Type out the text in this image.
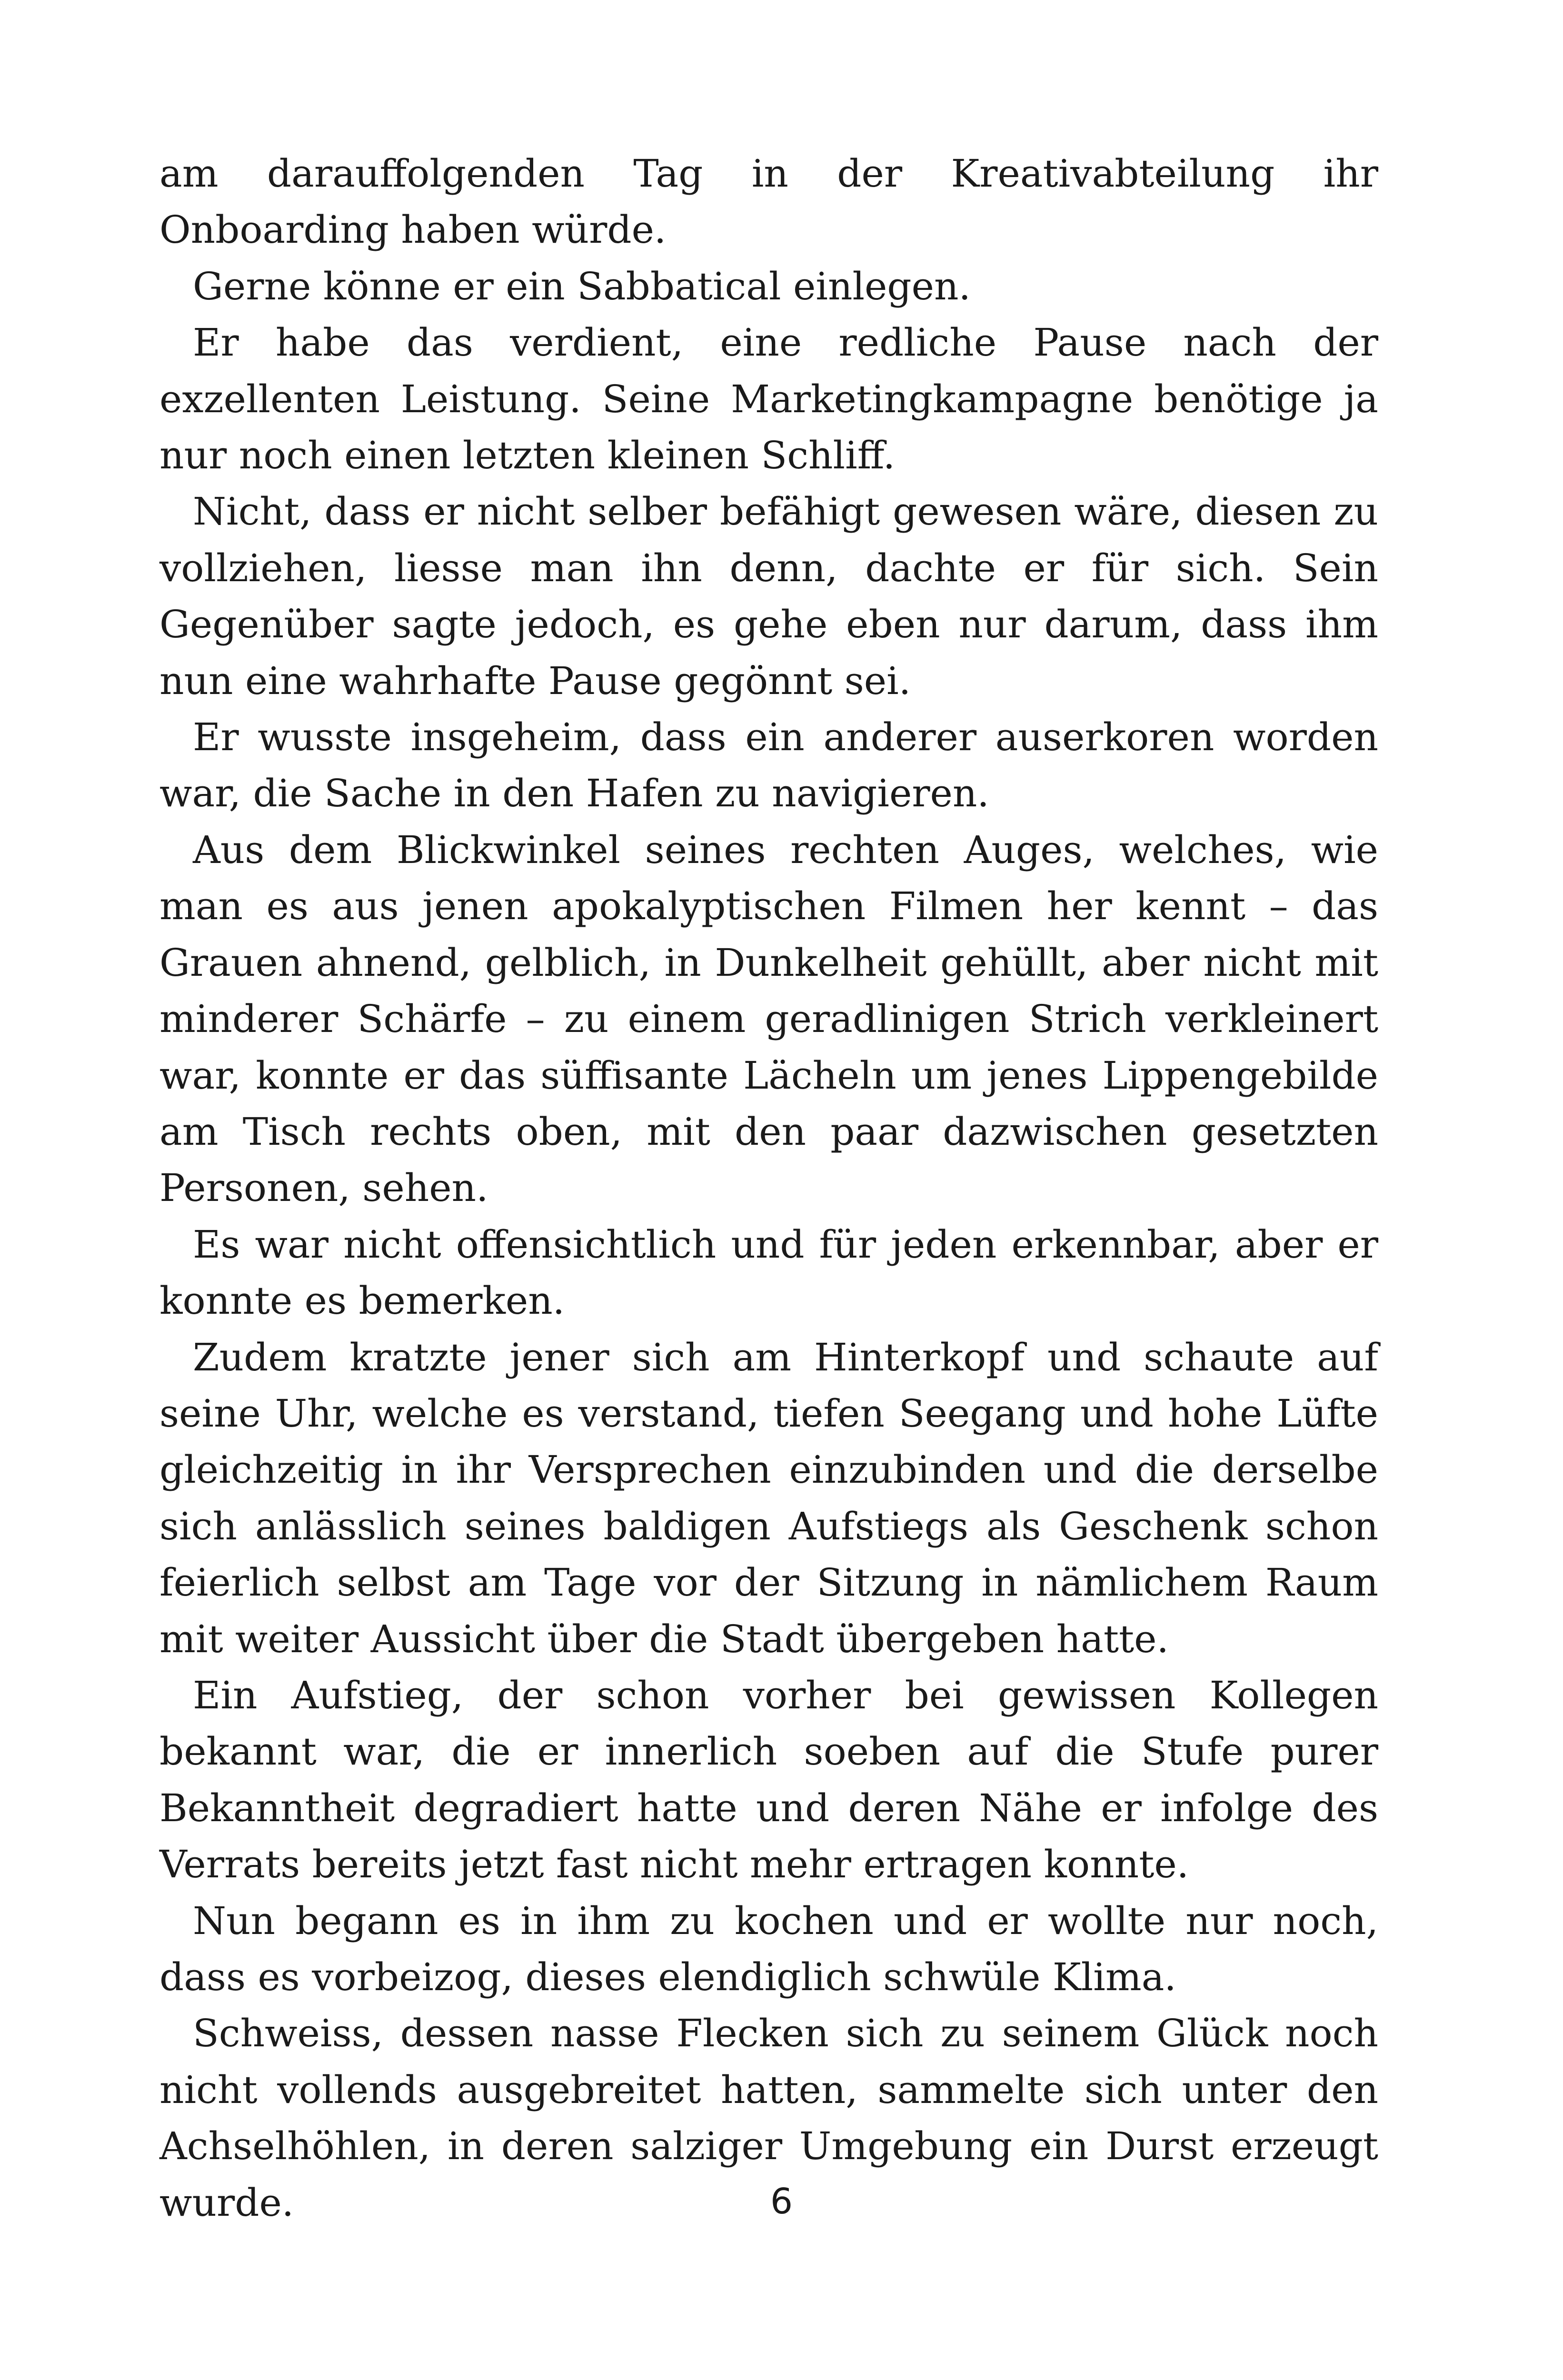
am darauffolgenden Tag in der Kreativabteilung ihr Onboarding haben würde.

Gerne könne er ein Sabbatical einlegen.

Er habe das verdient, eine redliche Pause nach der exzellenten Leistung. Seine Marketingkampagne benötige ja nur noch einen letzten kleinen Schliff.

Nicht, dass er nicht selber befähigt gewesen wäre, diesen zu vollziehen, liesse man ihn denn, dachte er für sich. Sein Gegenüber sagte jedoch, es gehe eben nur darum, dass ihm nun eine wahrhafte Pause gegönnt sei.

Er wusste insgeheim, dass ein anderer auserkoren worden war, die Sache in den Hafen zu navigieren.

Aus dem Blickwinkel seines rechten Auges, welches, wie man es aus jenen apokalyptischen Filmen her kennt – das Grauen ahnend, gelblich, in Dunkelheit gehüllt, aber nicht mit minderer Schärfe – zu einem geradlinigen Strich verkleinert war, konnte er das süffisante Lächeln um jenes Lippengebilde am Tisch rechts oben, mit den paar dazwischen gesetzten Personen, sehen.

Es war nicht offensichtlich und für jeden erkennbar, aber er konnte es bemerken.

Zudem kratzte jener sich am Hinterkopf und schaute auf seine Uhr, welche es verstand, tiefen Seegang und hohe Lüfte gleichzeitig in ihr Versprechen einzubinden und die derselbe sich anlässlich seines baldigen Aufstiegs als Geschenk schon feierlich selbst am Tage vor der Sitzung in nämlichem Raum mit weiter Aussicht über die Stadt übergeben hatte.

Ein Aufstieg, der schon vorher bei gewissen Kollegen bekannt war, die er innerlich soeben auf die Stufe purer Bekanntheit degradiert hatte und deren Nähe er infolge des Verrats bereits jetzt fast nicht mehr ertragen konnte.

Nun begann es in ihm zu kochen und er wollte nur noch, dass es vorbeizog, dieses elendiglich schwüle Klima.

Schweiss, dessen nasse Flecken sich zu seinem Glück noch nicht vollends ausgebreitet hatten, sammelte sich unter den Achselhöhlen, in deren salziger Umgebung ein Durst erzeugt wurde.	6
